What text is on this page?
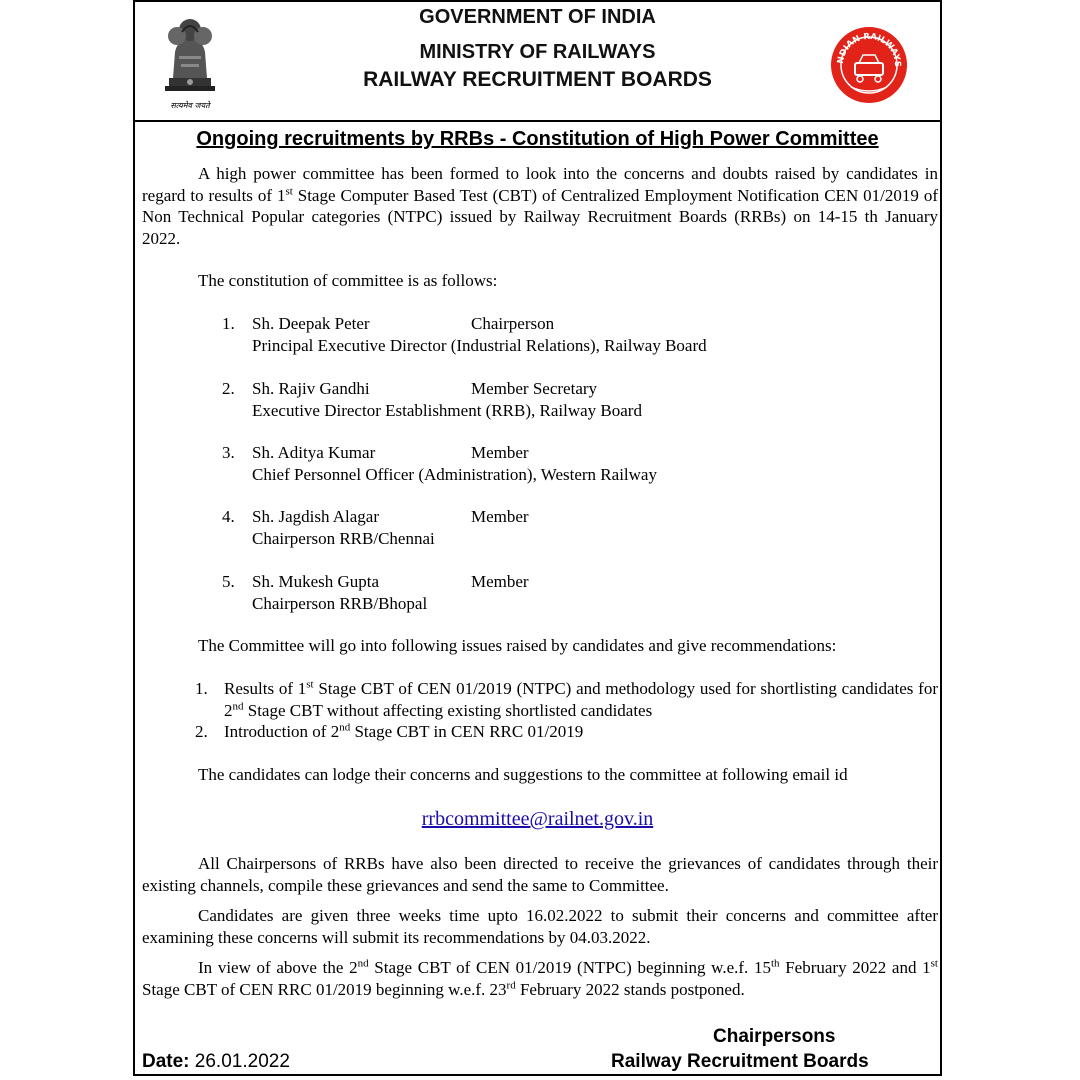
सत्यमेव जयते
GOVERNMENT OF INDIA
MINISTRY OF RAILWAYS
RAILWAY RECRUITMENT BOARDS
NDIAN RAILWAYS
Ongoing recruitments by RRBs - Constitution of High Power Committee

A high power committee has been formed to look into the concerns and doubts raised by candidates in regard to results of 1st Stage Computer Based Test (CBT) of Centralized Employment Notification CEN 01/2019 of Non Technical Popular categories (NTPC) issued by Railway Recruitment Boards (RRBs) on 14-15 th January 2022.

The constitution of committee is as follows:
1. Sh. Deepak Peter	Chairperson
Principal Executive Director (Industrial Relations), Railway Board
2. Sh. Rajiv Gandhi	Member Secretary
Executive Director Establishment (RRB), Railway Board
3. Sh. Aditya Kumar	Member
Chief Personnel Officer (Administration), Western Railway
4. Sh. Jagdish Alagar	Member
Chairperson RRB/Chennai
5. Sh. Mukesh Gupta	Member
Chairperson RRB/Bhopal
The Committee will go into following issues raised by candidates and give recommendations:
1. Results of 1st Stage CBT of CEN 01/2019 (NTPC) and methodology used for shortlisting candidates for 2nd Stage CBT without affecting existing shortlisted candidates
2. Introduction of 2nd Stage CBT in CEN RRC 01/2019

The candidates can lodge their concerns and suggestions to the committee at following email id

rrbcommittee@railnet.gov.in

All Chairpersons of RRBs have also been directed to receive the grievances of candidates through their existing channels, compile these grievances and send the same to Committee.

Candidates are given three weeks time upto 16.02.2022 to submit their concerns and committee after examining these concerns will submit its recommendations by 04.03.2022.

In view of above the 2nd Stage CBT of CEN 01/2019 (NTPC) beginning w.e.f. 15th February 2022 and 1st Stage CBT of CEN RRC 01/2019 beginning w.e.f. 23rd February 2022 stands postponed.

Chairpersons
Railway Recruitment Boards
Date: 26.01.2022
